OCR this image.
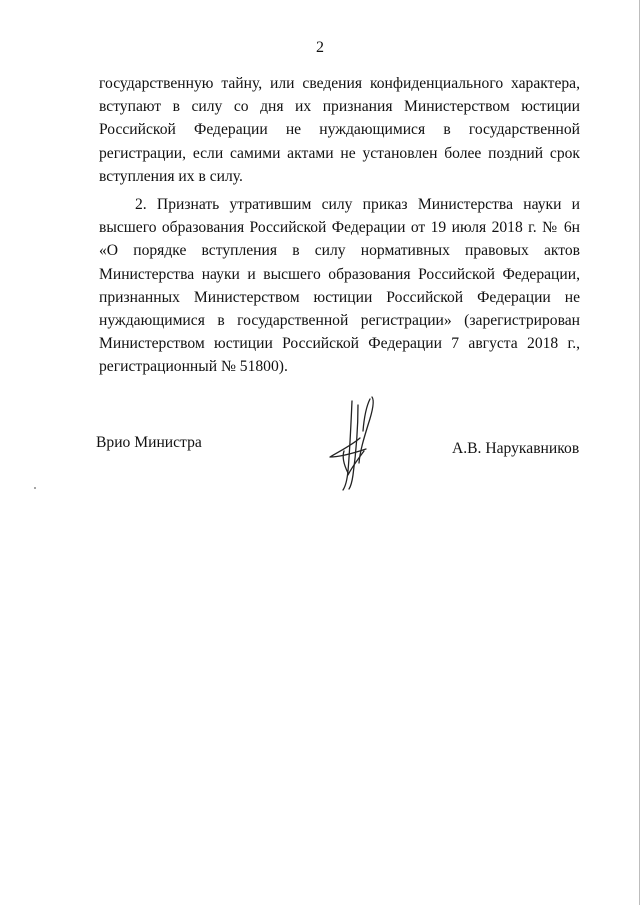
2

государственную тайну, или сведения конфиденциального характера, вступают в силу со дня их признания Министерством юстиции Российской Федерации не нуждающимися в государственной регистрации, если самими актами не установлен более поздний срок вступления их в силу.

2. Признать утратившим силу приказ Министерства науки и высшего образования Российской Федерации от 19 июля 2018 г. № 6н «О порядке вступления в силу нормативных правовых актов Министерства науки и высшего образования Российской Федерации, признанных Министерством юстиции Российской Федерации не нуждающимися в государственной регистрации» (зарегистрирован Министерством юстиции Российской Федерации 7 августа 2018 г., регистрационный № 51800).

Врио Министра	А.В. Нарукавников
